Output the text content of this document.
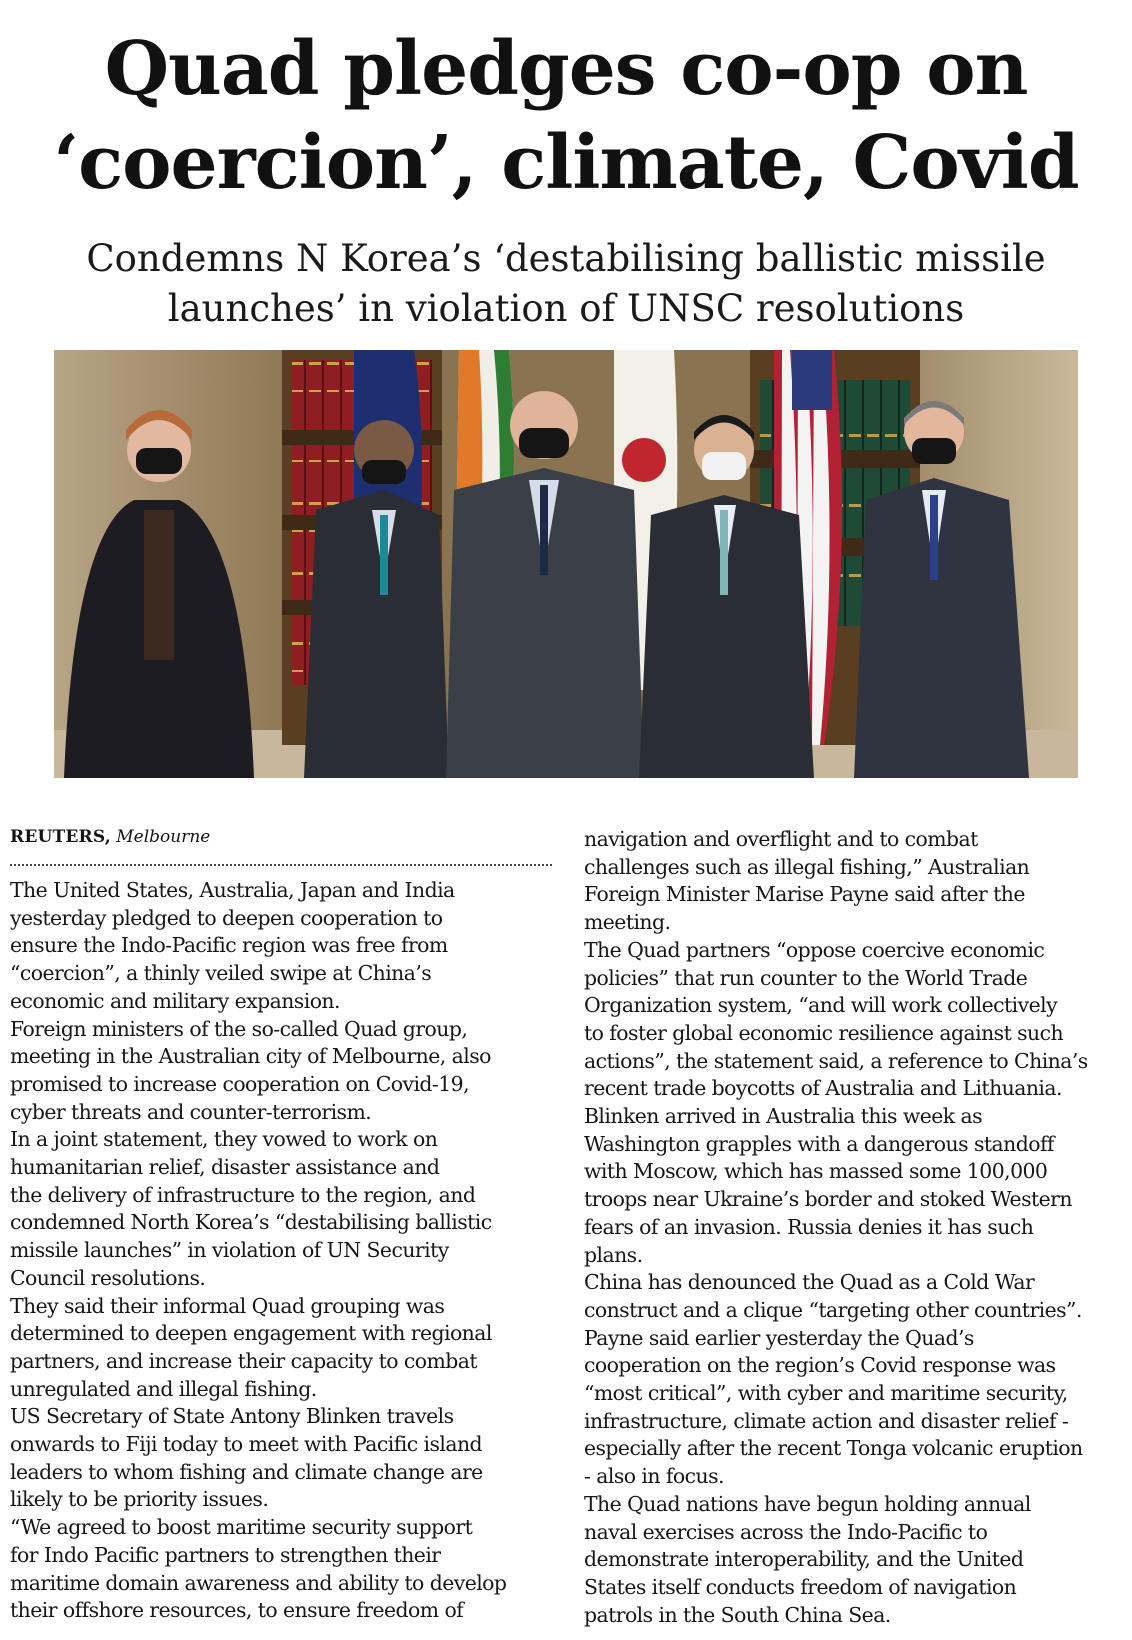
Quad pledges co-op on
‘coercion’, climate, Covid
Condemns N Korea’s ‘destabilising ballistic missile
launches’ in violation of UNSC resolutions
REUTERS, Melbourne

The United States, Australia, Japan and India

yesterday pledged to deepen cooperation to

ensure the Indo-Pacific region was free from

“coercion”, a thinly veiled swipe at China’s

economic and military expansion.

Foreign ministers of the so-called Quad group,

meeting in the Australian city of Melbourne, also

promised to increase cooperation on Covid-19,

cyber threats and counter-terrorism.

In a joint statement, they vowed to work on

humanitarian relief, disaster assistance and

the delivery of infrastructure to the region, and

condemned North Korea’s “destabilising ballistic

missile launches” in violation of UN Security

Council resolutions.

They said their informal Quad grouping was

determined to deepen engagement with regional

partners, and increase their capacity to combat

unregulated and illegal fishing.

US Secretary of State Antony Blinken travels

onwards to Fiji today to meet with Pacific island

leaders to whom fishing and climate change are

likely to be priority issues.

“We agreed to boost maritime security support

for Indo Pacific partners to strengthen their

maritime domain awareness and ability to develop

their offshore resources, to ensure freedom of

navigation and overflight and to combat

challenges such as illegal fishing,” Australian

Foreign Minister Marise Payne said after the

meeting.

The Quad partners “oppose coercive economic

policies” that run counter to the World Trade

Organization system, “and will work collectively

to foster global economic resilience against such

actions”, the statement said, a reference to China’s

recent trade boycotts of Australia and Lithuania.

Blinken arrived in Australia this week as

Washington grapples with a dangerous standoff

with Moscow, which has massed some 100,000

troops near Ukraine’s border and stoked Western

fears of an invasion. Russia denies it has such

plans.

China has denounced the Quad as a Cold War

construct and a clique “targeting other countries”.

Payne said earlier yesterday the Quad’s

cooperation on the region’s Covid response was

“most critical”, with cyber and maritime security,

infrastructure, climate action and disaster relief -

especially after the recent Tonga volcanic eruption

- also in focus.

The Quad nations have begun holding annual

naval exercises across the Indo-Pacific to

demonstrate interoperability, and the United

States itself conducts freedom of navigation

patrols in the South China Sea.
